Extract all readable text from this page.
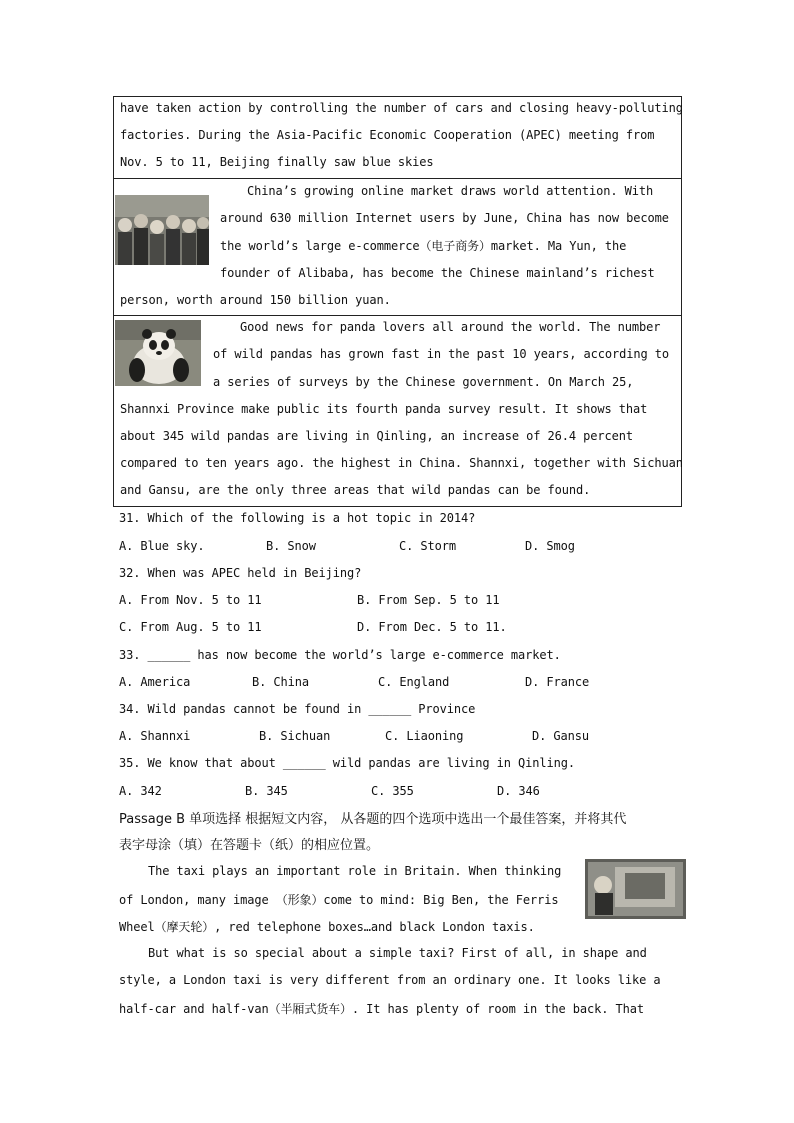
have taken action by controlling the number of cars and closing heavy-polluting
factories. During the Asia-Pacific Economic Cooperation (APEC) meeting from
Nov. 5 to 11, Beijing finally saw blue skies
China’s growing online market draws world attention. With
around 630 million Internet users by June, China has now become
the world’s large e-commerce（电子商务）market. Ma Yun, the
founder of Alibaba, has become the Chinese mainland’s richest
person, worth around 150 billion yuan.
Good news for panda lovers all around the world. The number
of wild pandas has grown fast in the past 10 years, according to
a series of surveys by the Chinese government. On March 25,
Shannxi Province make public its fourth panda survey result. It shows that
about 345 wild pandas are living in Qinling, an increase of 26.4 percent
compared to ten years ago. the highest in China. Shannxi, together with Sichuan
and Gansu, are the only three areas that wild pandas can be found.
31. Which of the following is a hot topic in 2014?
A. Blue sky.	B. Snow	C. Storm	D. Smog
32. When was APEC held in Beijing?
A. From Nov. 5 to 11	B. From Sep. 5 to 11
C. From Aug. 5 to 11	D. From Dec. 5 to 11.
33. ______ has now become the world’s large e-commerce market.
A. America	B. China	C. England	D. France
34. Wild pandas cannot be found in ______ Province
A. Shannxi	B. Sichuan	C. Liaoning	D. Gansu
35. We know that about ______ wild pandas are living in Qinling.
A. 342	B. 345	C. 355	D. 346
Passage B 单项选择 根据短文内容， 从各题的四个选项中选出一个最佳答案，并将其代
表字母涂（填）在答题卡（纸）的相应位置。
The taxi plays an important role in Britain. When thinking
of London, many image （形象）come to mind: Big Ben, the Ferris
Wheel（摩天轮）, red telephone boxes…and black London taxis.
But what is so special about a simple taxi? First of all, in shape and
style, a London taxi is very different from an ordinary one. It looks like a
half-car and half-van（半厢式货车）. It has plenty of room in the back. That
